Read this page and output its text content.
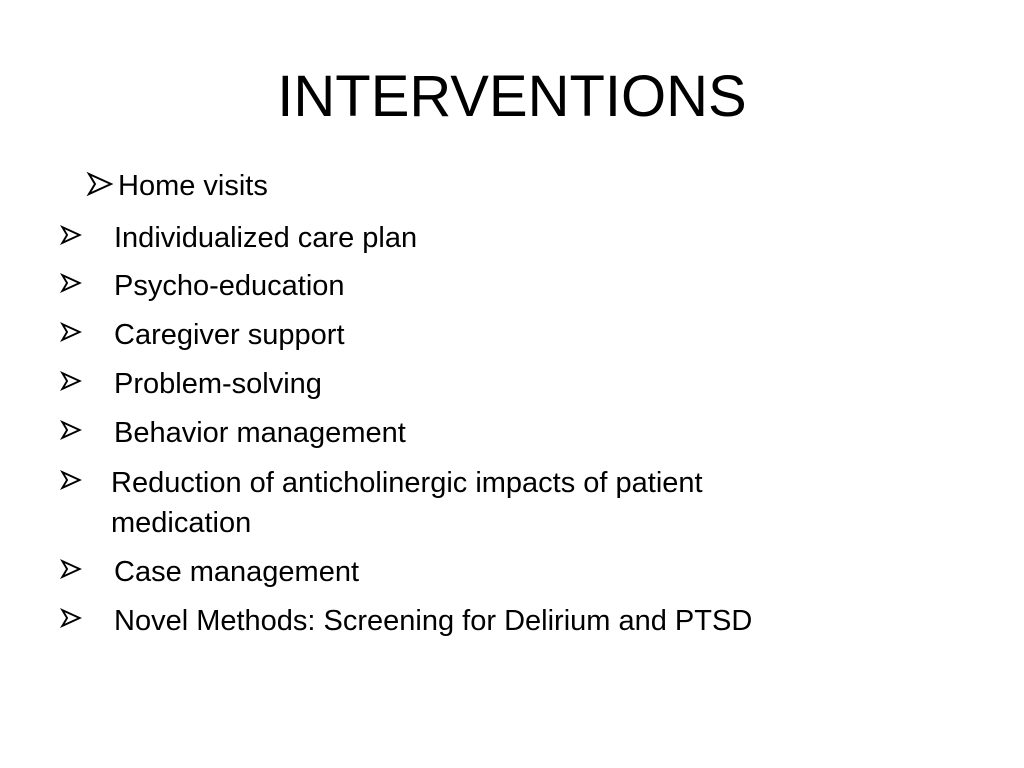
INTERVENTIONS
Home visits
Individualized care plan
Psycho-education
Caregiver support
Problem-solving
Behavior management
Reduction of anticholinergic impacts of patient medication
Case management
Novel Methods: Screening for Delirium and PTSD
